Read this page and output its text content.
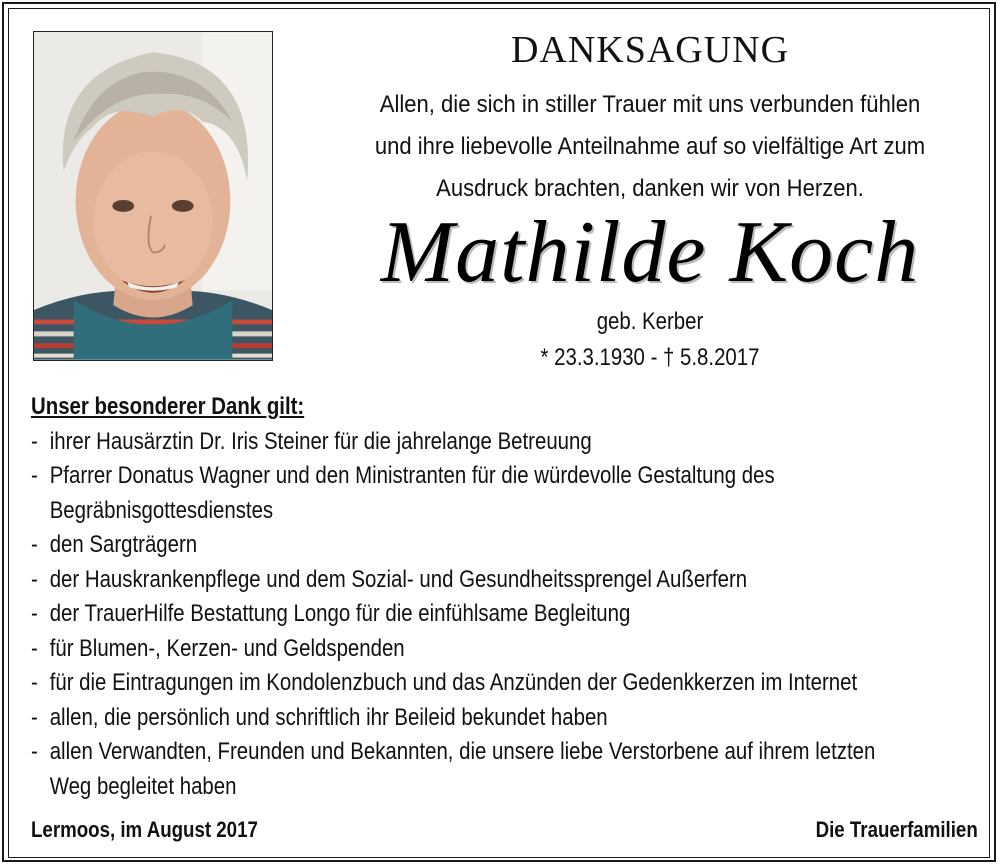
DANKSAGUNG
Allen, die sich in stiller Trauer mit uns verbunden fühlen
und ihre liebevolle Anteilnahme auf so vielfältige Art zum
Ausdruck brachten, danken wir von Herzen.
Mathilde Koch
geb. Kerber
* 23.3.1930 - † 5.8.2017
Unser besonderer Dank gilt:
- ihrer Hausärztin Dr. Iris Steiner für die jahrelange Betreuung
- Pfarrer Donatus Wagner und den Ministranten für die würdevolle Gestaltung des
Begräbnisgottesdienstes
- den Sargträgern
- der Hauskrankenpflege und dem Sozial- und Gesundheitssprengel Außerfern
- der TrauerHilfe Bestattung Longo für die einfühlsame Begleitung
- für Blumen-, Kerzen- und Geldspenden
- für die Eintragungen im Kondolenzbuch und das Anzünden der Gedenkkerzen im Internet
- allen, die persönlich und schriftlich ihr Beileid bekundet haben
- allen Verwandten, Freunden und Bekannten, die unsere liebe Verstorbene auf ihrem letzten
Weg begleitet haben
Lermoos, im August 2017	Die Trauerfamilien
